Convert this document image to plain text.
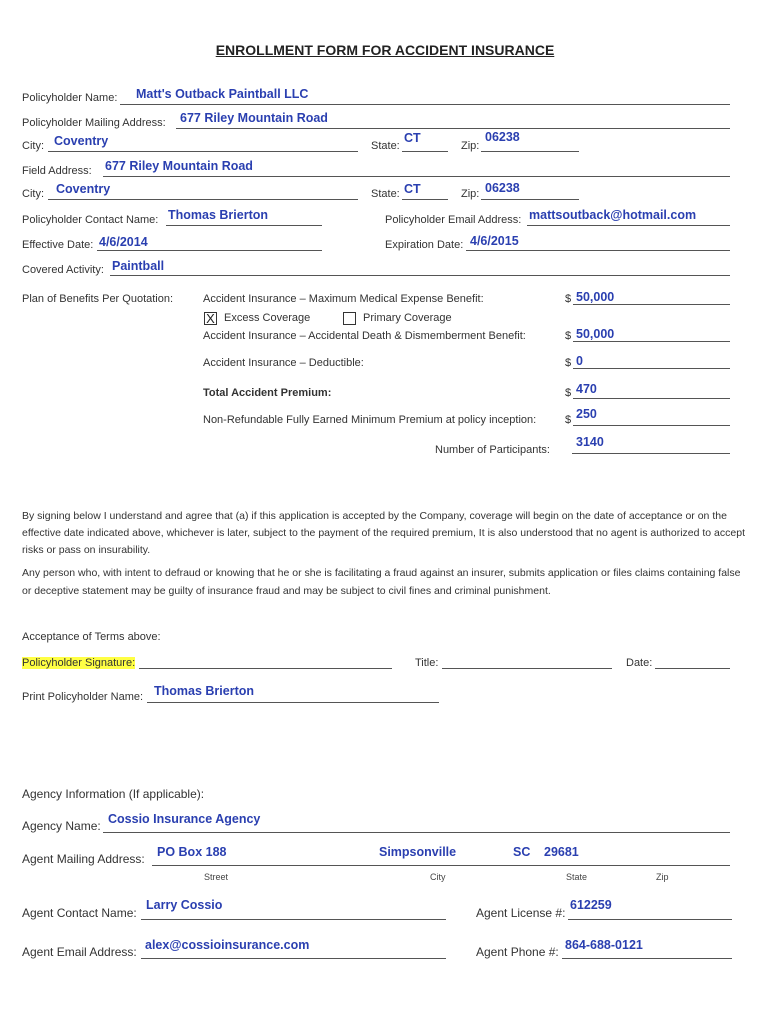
ENROLLMENT FORM FOR ACCIDENT INSURANCE
Policyholder Name: Matt's Outback Paintball LLC
Policyholder Mailing Address: 677 Riley Mountain Road
City: Coventry	State:
CT
Zip:
06238
Field Address: 677 Riley Mountain Road
City: Coventry	State: CT	Zip: 06238
Policyholder Contact Name: Thomas Brierton	Policyholder Email Address: mattsoutback@hotmail.com
Effective Date: 4/6/2014	Expiration Date: 4/6/2015
Covered Activity: Paintball
Plan of Benefits Per Quotation:	Accident Insurance – Maximum Medical Expense Benefit:	$ 50,000
X Excess Coverage	Primary Coverage
Accident Insurance – Accidental Death & Dismemberment Benefit:	$ 50,000
Accident Insurance – Deductible:	$ 0
Total Accident Premium:	$ 470
Non-Refundable Fully Earned Minimum Premium at policy inception:	$ 250
Number of Participants:
3140
By signing below I understand and agree that (a) if this application is accepted by the Company, coverage will begin on the date of acceptance or on the effective date indicated above, whichever is later, subject to the payment of the required premium, It is also understood that no agent is authorized to accept risks or pass on insurability.
Any person who, with intent to defraud or knowing that he or she is facilitating a fraud against an insurer, submits application or files claims containing false or deceptive statement may be guilty of insurance fraud and may be subject to civil fines and criminal punishment.
Acceptance of Terms above:
Policyholder Signature:	Title:	Date:
Print Policyholder Name: Thomas Brierton
Agency Information (If applicable):
Agency Name: Cossio Insurance Agency
Agent Mailing Address: PO Box 188	Simpsonville	SC 29681
Street	City	State	Zip
Agent Contact Name:
Larry Cossio
Agent License #:
612259
Agent Email Address: alex@cossioinsurance.com	Agent Phone #: 864-688-0121
